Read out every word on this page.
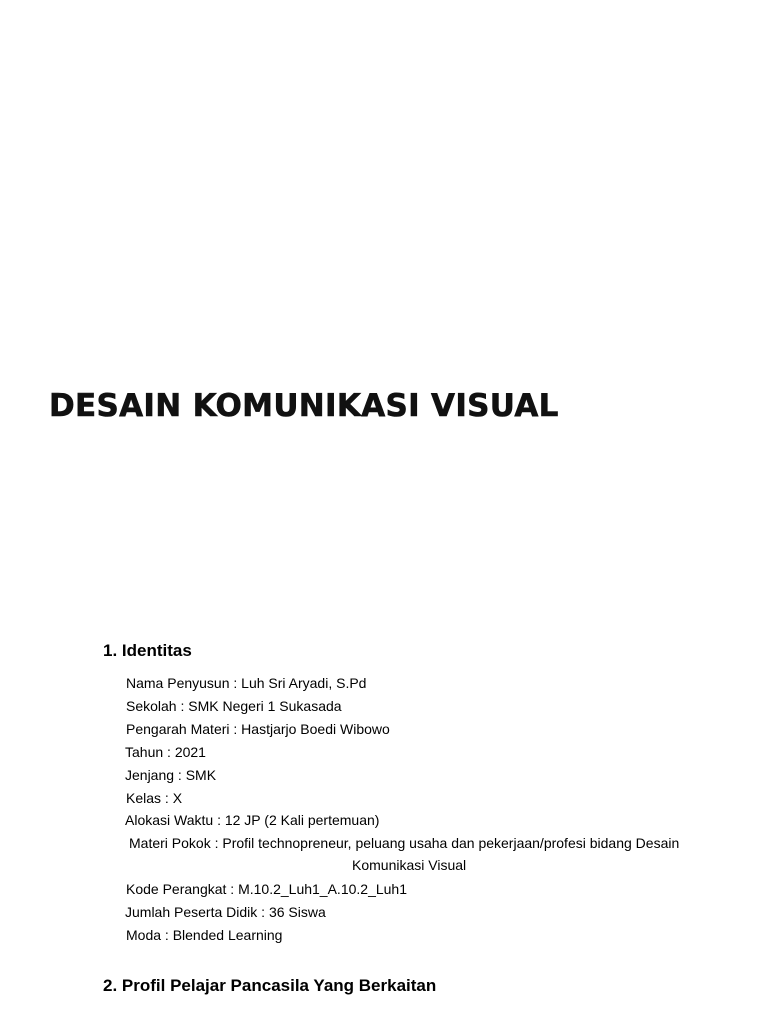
DESAIN KOMUNIKASI VISUAL
1. Identitas
Nama Penyusun : Luh Sri Aryadi, S.Pd
Sekolah : SMK Negeri 1 Sukasada
Pengarah Materi : Hastjarjo Boedi Wibowo
Tahun : 2021
Jenjang : SMK
Kelas : X
Alokasi Waktu : 12 JP (2 Kali pertemuan)
Materi Pokok : Profil technopreneur, peluang usaha dan pekerjaan/profesi bidang Desain
Komunikasi Visual
Kode Perangkat : M.10.2_Luh1_A.10.2_Luh1
Jumlah Peserta Didik : 36 Siswa
Moda : Blended Learning
2. Profil Pelajar Pancasila Yang Berkaitan
